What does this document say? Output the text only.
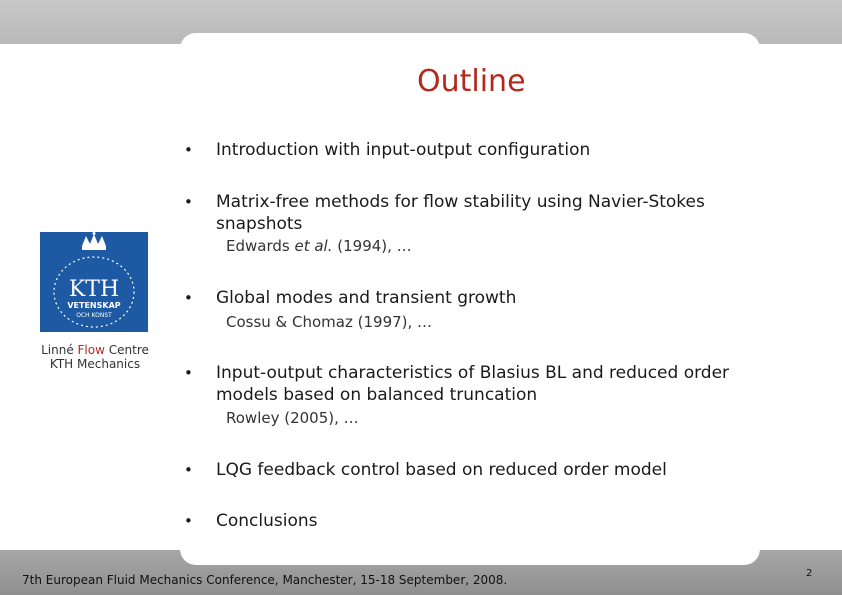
Outline
KTH
VETENSKAP
OCH KONST
Linné Flow Centre
KTH Mechanics
•	Introduction with input-output configuration
•	Matrix-free methods for flow stability using Navier-Stokes snapshots
Edwards et al. (1994), …
•	Global modes and transient growth
Cossu & Chomaz (1997), …
•	Input-output characteristics of Blasius BL and reduced order models based on balanced truncation
Rowley (2005), …
•	LQG feedback control based on reduced order model
•	Conclusions
7th European Fluid Mechanics Conference, Manchester, 15-18 September, 2008.	2
